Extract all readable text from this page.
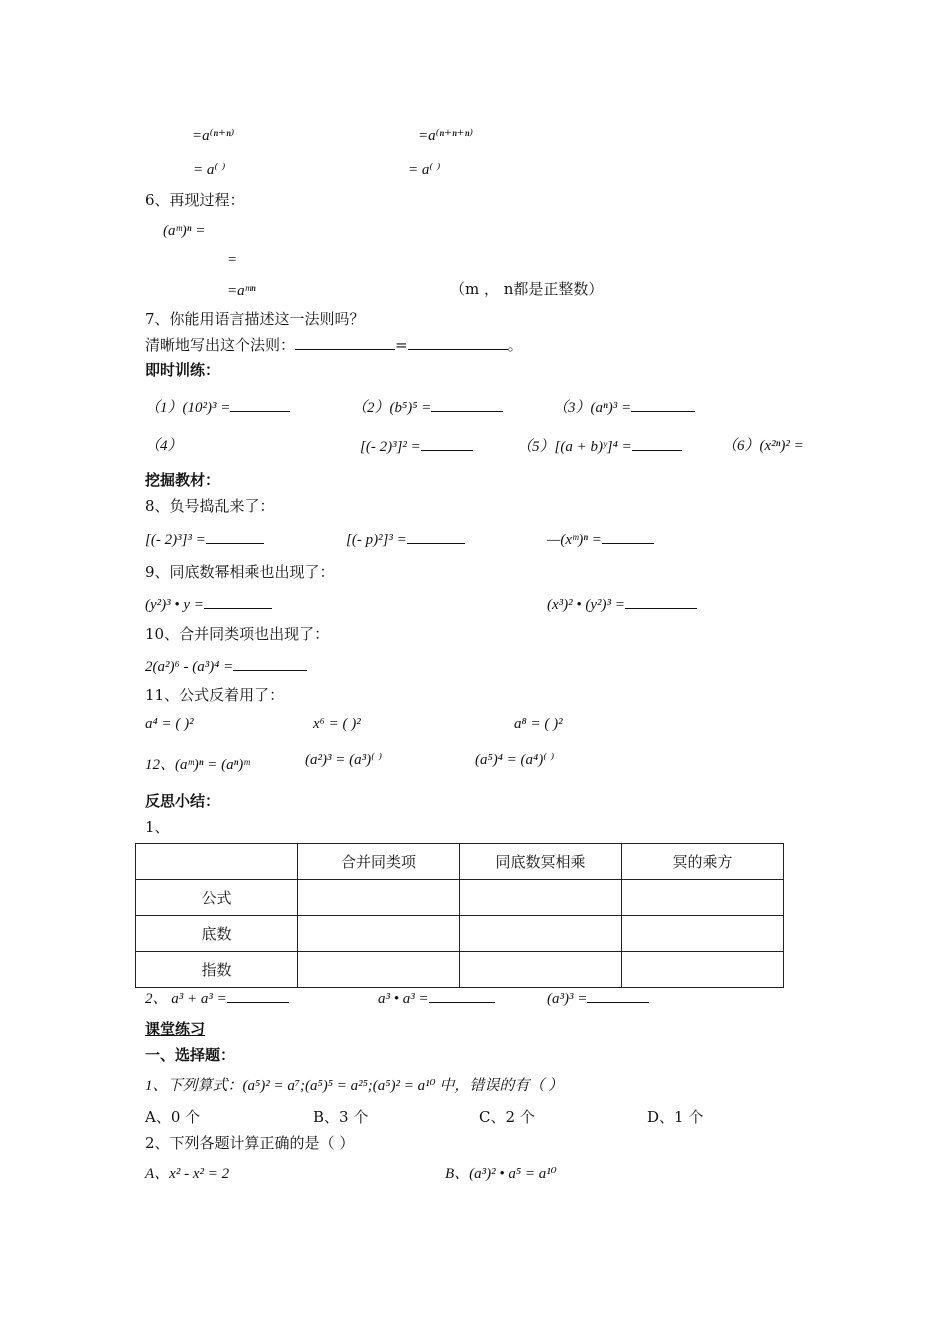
=a⁽ⁿ⁺ⁿ⁾	=a⁽ⁿ⁺ⁿ⁺ⁿ⁾
= a⁽ ⁾	= a⁽ ⁾
6、再现过程：
(aᵐ)ⁿ =
=
=aᵐⁿ	（m ， n都是正整数）
7、你能用语言描述这一法则吗？
清晰地写出这个法则：	=	。
即时训练：
（1）(10²)³ =	（2）(b⁵)⁵ =	（3）(aⁿ)³ =
（4）	[(- 2)³]² =	（5）[(a + b)ʸ]⁴ =	（6）(x²ⁿ)² =
挖掘教材：
8、负号捣乱来了：
[(- 2)³]³ =	[(- p)²]³ =	—(xᵐ)ⁿ =
9、同底数幂相乘也出现了：
(y²)³ • y =	(x³)² • (y²)³ =
10、合并同类项也出现了：
2(a²)⁶ - (a³)⁴ =
11、公式反着用了：
a⁴ = ( )²	x⁶ = ( )²	a⁸ = ( )²
12、(aᵐ)ⁿ = (aⁿ)ᵐ	(a²)³ = (a³)⁽ ⁾	(a⁵)⁴ = (a⁴)⁽ ⁾
反思小结：
1、
	合并同类项	同底数冥相乘	冥的乘方
公式			
底数			
指数			
2、 a³ + a³ =	a³ • a³ =	(a³)³ =
课堂练习
一、选择题：
1、下列算式：(a⁵)² = a⁷;(a⁵)⁵ = a²⁵;(a⁵)² = a¹⁰ 中，错误的有（ ）
A、0 个	B、3 个	C、2 个	D、1 个
2、下列各题计算正确的是（ ）
A、x² - x² = 2	B、(a³)² • a⁵ = a¹⁰
